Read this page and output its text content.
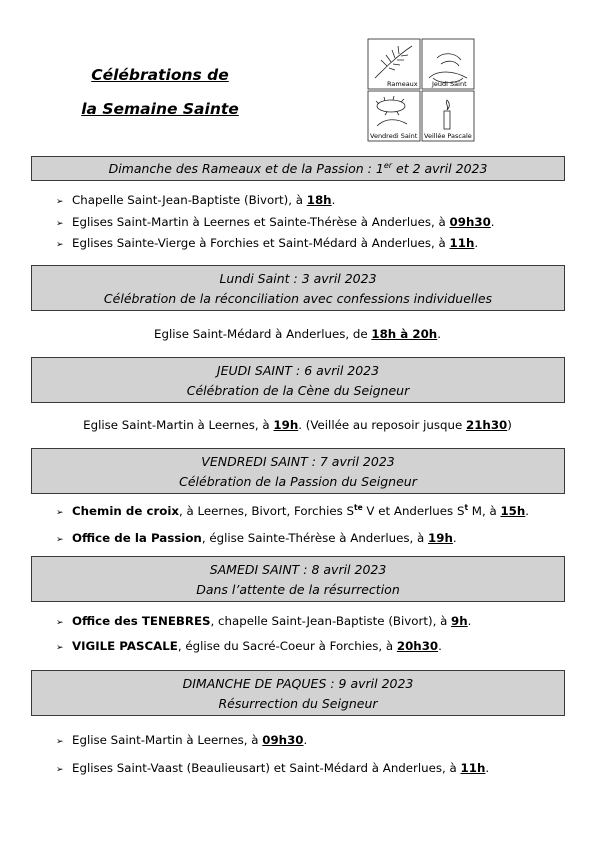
Célébrations de

la Semaine Sainte

Rameaux Jeudi Saint
Vendredi Saint Veillée Pascale
Dimanche des Rameaux et de la Passion : 1er et 2 avril 2023
➢ Chapelle Saint-Jean-Baptiste (Bivort), à 18h.
➢ Eglises Saint-Martin à Leernes et Sainte-Thérèse à Anderlues, à 09h30.
➢ Eglises Sainte-Vierge à Forchies et Saint-Médard à Anderlues, à 11h.
Lundi Saint : 3 avril 2023
Célébration de la réconciliation avec confessions individuelles
Eglise Saint-Médard à Anderlues, de 18h à 20h.
JEUDI SAINT : 6 avril 2023
Célébration de la Cène du Seigneur
Eglise Saint-Martin à Leernes, à 19h. (Veillée au reposoir jusque 21h30)
VENDREDI SAINT : 7 avril 2023
Célébration de la Passion du Seigneur
➢ Chemin de croix, à Leernes, Bivort, Forchies $S^{te}$ V et Anderlues $S^t$ M, à 15h.
➢ Office de la Passion, église Sainte-Thérèse à Anderlues, à 19h.
SAMEDI SAINT : 8 avril 2023
Dans l’attente de la résurrection
➢ Office des TENEBRES, chapelle Saint-Jean-Baptiste (Bivort), à 9h.
➢ VIGILE PASCALE, église du Sacré-Coeur à Forchies, à 20h30.
DIMANCHE DE PAQUES : 9 avril 2023
Résurrection du Seigneur
➢ Eglise Saint-Martin à Leernes, à 09h30.
➢ Eglises Saint-Vaast (Beaulieusart) et Saint-Médard à Anderlues, à 11h.
